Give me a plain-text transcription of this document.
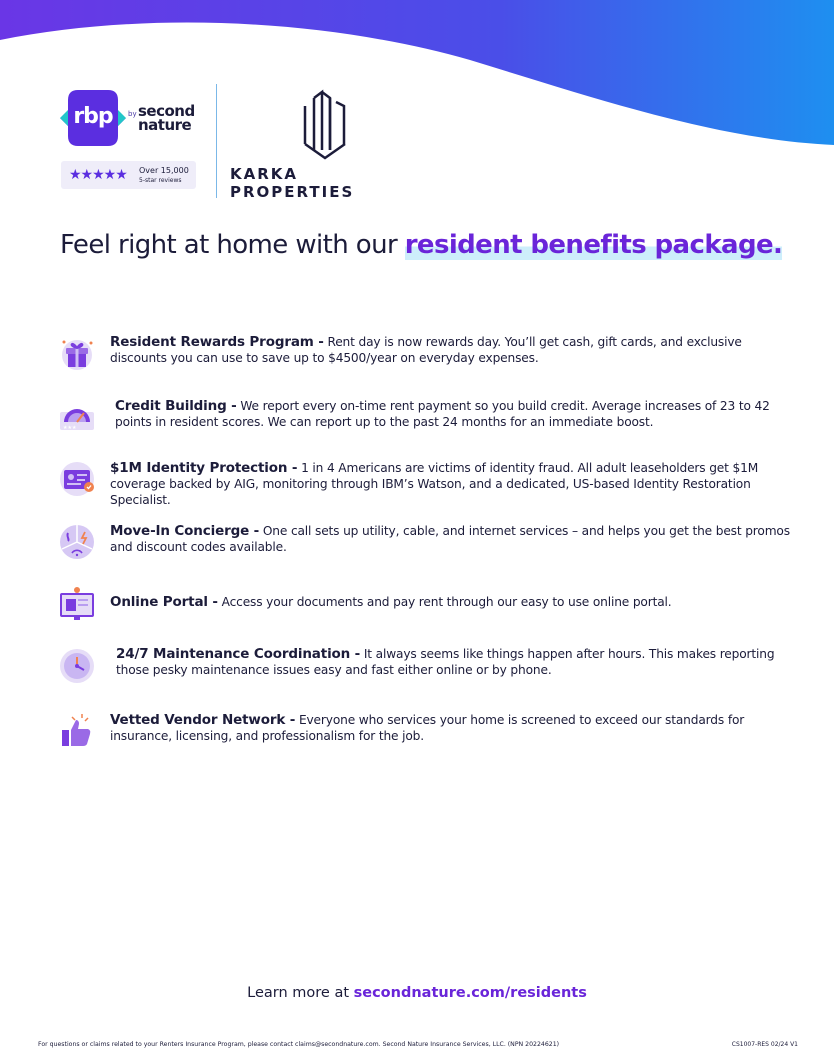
rbp	by second
nature
★★★★★ Over 15,000
5-star reviews	KARKA PROPERTIES
Feel right at home with our resident benefits package.
Resident Rewards Program - Rent day is now rewards day. You’ll get cash, gift cards, and exclusive discounts you can use to save up to $4500/year on everyday expenses.
★★★
Credit Building - We report every on-time rent payment so you build credit. Average increases of 23 to 42 points in resident scores. We can report up to the past 24 months for an immediate boost.
$1M Identity Protection - 1 in 4 Americans are victims of identity fraud. All adult leaseholders get $1M coverage backed by AIG, monitoring through IBM’s Watson, and a dedicated, US-based Identity Restoration Specialist.
Move-In Concierge - One call sets up utility, cable, and internet services – and helps you get the best promos and discount codes available.
Online Portal - Access your documents and pay rent through our easy to use online portal.
24/7 Maintenance Coordination - It always seems like things happen after hours. This makes reporting those pesky maintenance issues easy and fast either online or by phone.
Vetted Vendor Network - Everyone who services your home is screened to exceed our standards for insurance, licensing, and professionalism for the job.
Learn more at secondnature.com/residents
For questions or claims related to your Renters Insurance Program, please contact claims@secondnature.com. Second Nature Insurance Services, LLC. (NPN 20224621)	CS1007-RES 02/24 V1
